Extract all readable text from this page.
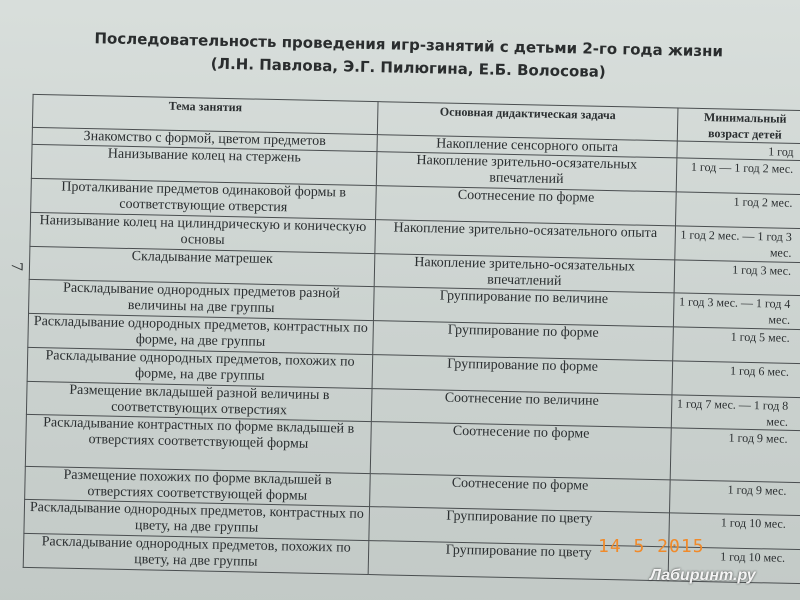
Последовательность проведения игр-занятий с детьми 2-го года жизни
(Л.Н. Павлова, Э.Г. Пилюгина, Е.Б. Волосова)
7
Тема занятия	Основная дидактическая задача	Минимальный возраст детей
Знакомство с формой, цветом предметов	Накопление сенсорного опыта	1 год
Нанизывание колец на стержень	Накопление зрительно-осязательных впечатлений	1 год — 1 год 2 мес.
Проталкивание предметов одинаковой формы в соответствующие отверстия	Соотнесение по форме	1 год 2 мес.
Нанизывание колец на цилиндрическую и коническую основы	Накопление зрительно-осязательного опыта	1 год 2 мес. — 1 год 3 мес.
Складывание матрешек	Накопление зрительно-осязательных впечатлений	1 год 3 мес.
Раскладывание однородных предметов разной величины на две группы	Группирование по величине	1 год 3 мес. — 1 год 4 мес.
Раскладывание однородных предметов, контрастных по форме, на две группы	Группирование по форме	1 год 5 мес.
Раскладывание однородных предметов, похожих по форме, на две группы	Группирование по форме	1 год 6 мес.
Размещение вкладышей разной величины в соответствующих отверстиях	Соотнесение по величине	1 год 7 мес. — 1 год 8 мес.
Раскладывание контрастных по форме вкладышей в отверстиях соответствующей формы	Соотнесение по форме	1 год 9 мес.
Размещение похожих по форме вкладышей в отверстиях соответствующей формы	Соотнесение по форме	1 год 9 мес.
Раскладывание однородных предметов, контрастных по цвету, на две группы	Группирование по цвету	1 год 10 мес.
Раскладывание однородных предметов, похожих по цвету, на две группы	Группирование по цвету	1 год 10 мес.
14 5 2015
Лабиринт.ру
